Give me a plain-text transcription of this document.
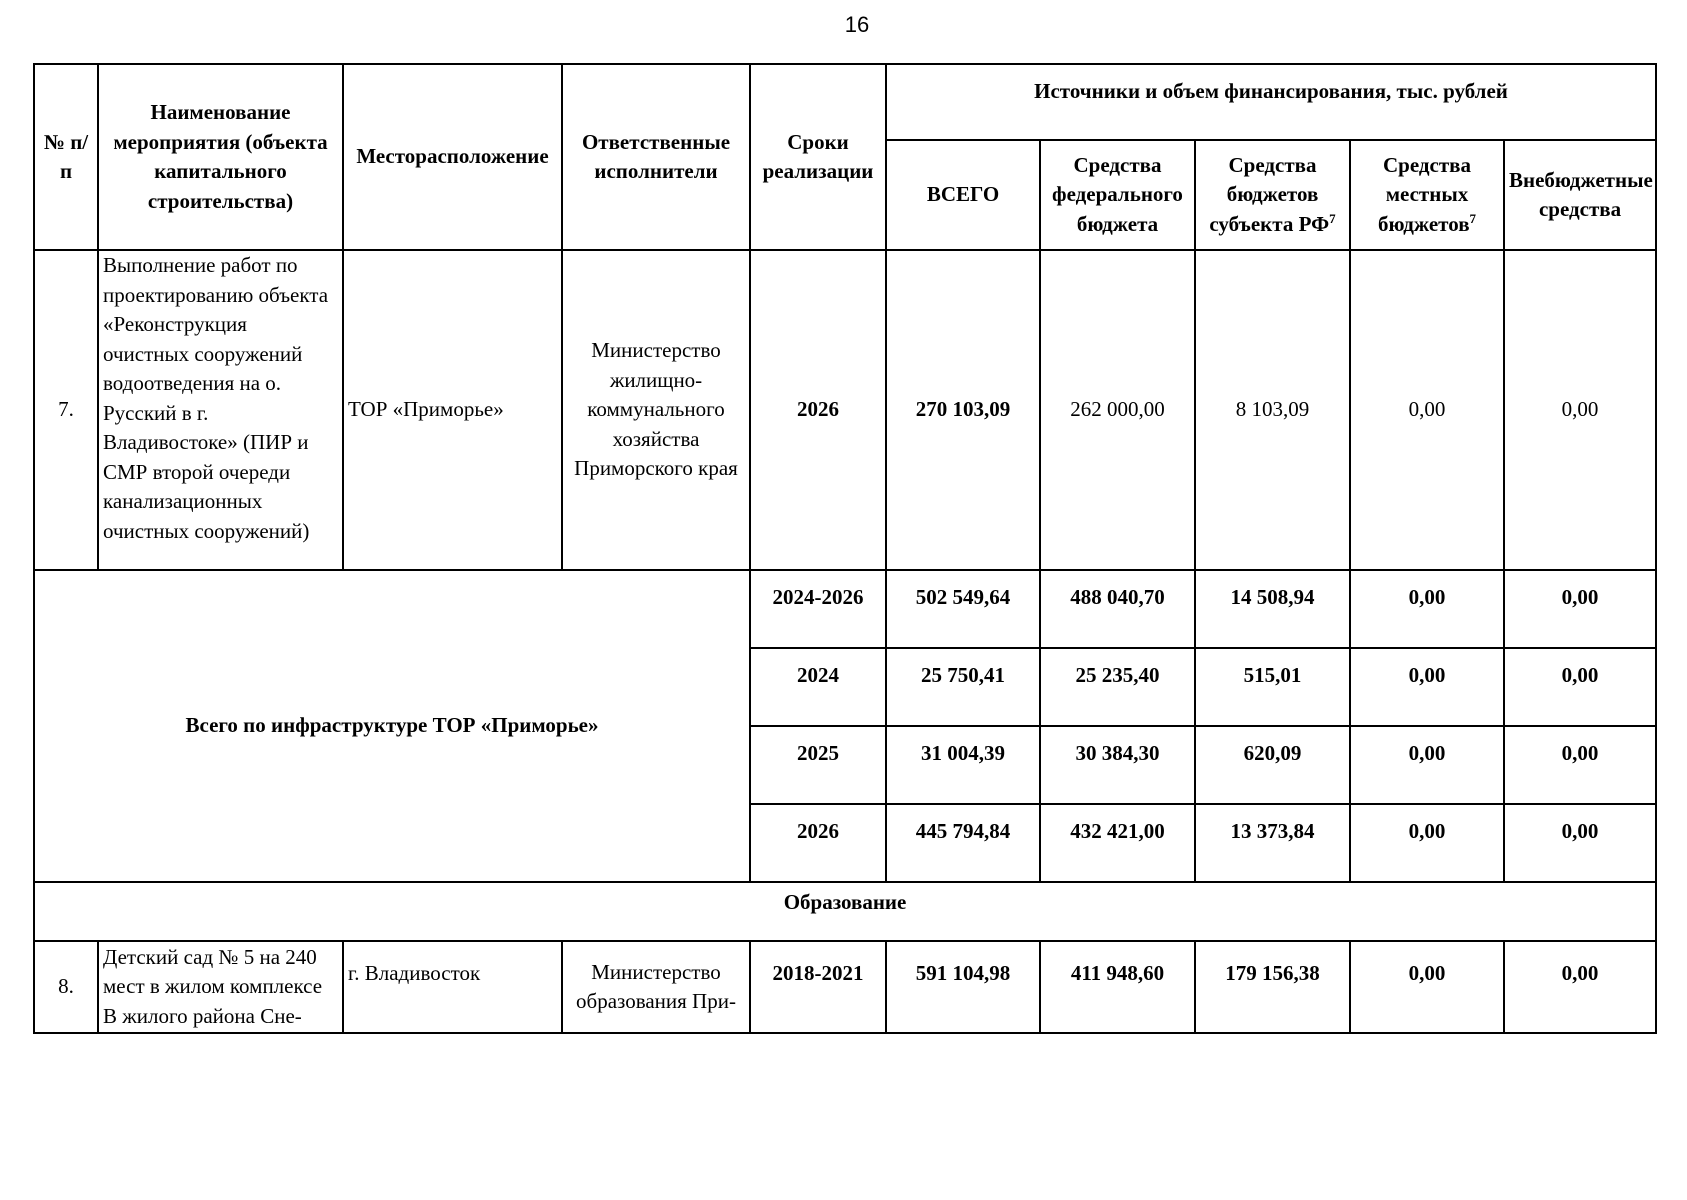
16
№ п/п	Наименование мероприятия (объекта капитального строительства)	Месторасположение	Ответственные исполнители	Сроки реализации	Источники и объем финансирования, тыс. рублей				
					ВСЕГО	Средства федерального бюджета	Средства бюджетов субъекта $РФ^7$	Средства местных бюджетов$^7$	Внебюджетные средства
7.	Выполнение работ по проектированию объекта «Реконструкция очистных сооружений водоотведения на о. Русский в г. Владивостоке» (ПИР и СМР второй очереди канализационных очистных сооружений)	ТОР «Приморье»	Министерство жилищно-коммунального хозяйства Приморского края	2026	270 103,09	262 000,00	8 103,09	0,00	0,00
Всего по инфраструктуре ТОР «Приморье»				2024-2026	502 549,64	488 040,70	14 508,94	0,00	0,00
				2024	25 750,41	25 235,40	515,01	0,00	0,00
				2025	31 004,39	30 384,30	620,09	0,00	0,00
				2026	445 794,84	432 421,00	13 373,84	0,00	0,00
Образование									
8.	Детский сад № 5 на 240 мест в жилом комплексе В жилого района Сне-	г. Владивосток	Министерство образования При-	2018-2021	591 104,98	411 948,60	179 156,38	0,00	0,00
